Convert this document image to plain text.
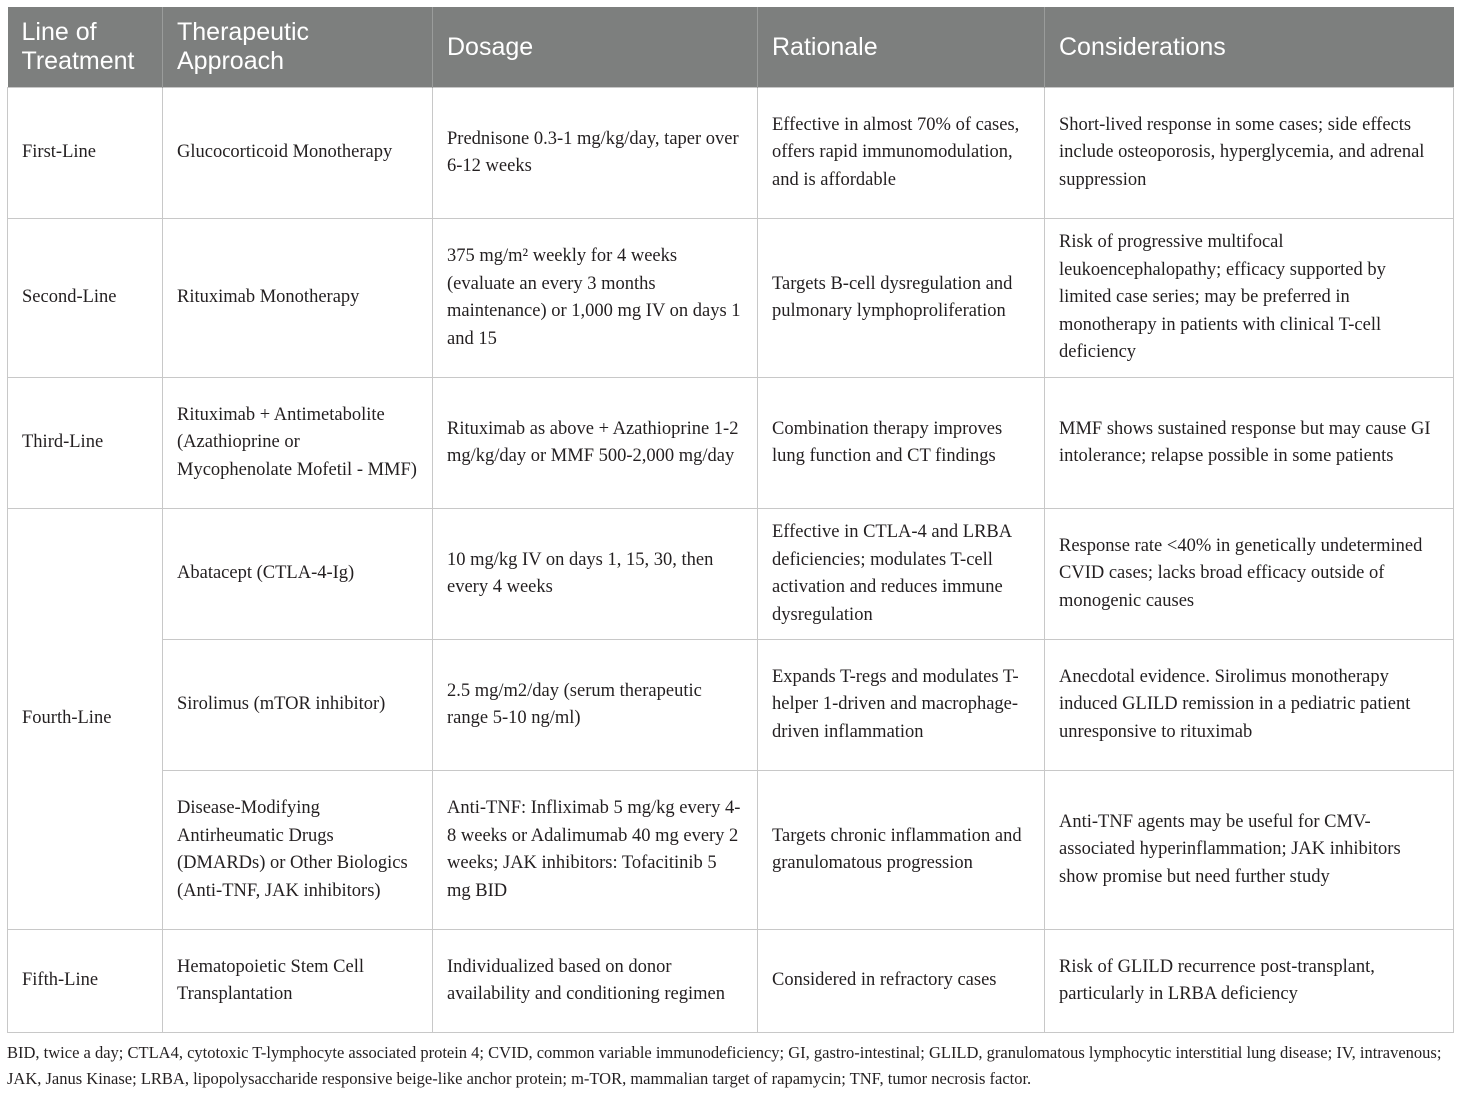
Line of Treatment	Therapeutic Approach	Dosage	Rationale	Considerations
First-Line	Glucocorticoid Monotherapy	Prednisone 0.3-1 mg/kg/day, taper over 6-12 weeks	Effective in almost 70% of cases, offers rapid immunomodulation, and is affordable	Short-lived response in some cases; side effects include osteoporosis, hyperglycemia, and adrenal suppression
Second-Line	Rituximab Monotherapy	375 mg/m² weekly for 4 weeks (evaluate an every 3 months maintenance) or 1,000 mg IV on days 1 and 15	Targets B-cell dysregulation and pulmonary lymphoproliferation	Risk of progressive multifocal leukoencephalopathy; efficacy supported by limited case series; may be preferred in monotherapy in patients with clinical T-cell deficiency
Third-Line	Rituximab + Antimetabolite (Azathioprine or Mycophenolate Mofetil - MMF)	Rituximab as above + Azathioprine 1-2 mg/kg/day or MMF 500-2,000 mg/day	Combination therapy improves lung function and CT findings	MMF shows sustained response but may cause GI intolerance; relapse possible in some patients
Fourth-Line	Abatacept (CTLA-4-Ig)	10 mg/kg IV on days 1, 15, 30, then every 4 weeks	Effective in CTLA-4 and LRBA deficiencies; modulates T-cell activation and reduces immune dysregulation	Response rate <40% in genetically undetermined CVID cases; lacks broad efficacy outside of monogenic causes
	Sirolimus (mTOR inhibitor)	2.5 mg/m2/day (serum therapeutic range 5-10 ng/ml)	Expands T-regs and modulates T-helper 1-driven and macrophage-driven inflammation	Anecdotal evidence. Sirolimus monotherapy induced GLILD remission in a pediatric patient unresponsive to rituximab
	Disease-Modifying Antirheumatic Drugs (DMARDs) or Other Biologics (Anti-TNF, JAK inhibitors)	Anti-TNF: Infliximab 5 mg/kg every 4-8 weeks or Adalimumab 40 mg every 2 weeks; JAK inhibitors: Tofacitinib 5 mg BID	Targets chronic inflammation and granulomatous progression	Anti-TNF agents may be useful for CMV-associated hyperinflammation; JAK inhibitors show promise but need further study
Fifth-Line	Hematopoietic Stem Cell Transplantation	Individualized based on donor availability and conditioning regimen	Considered in refractory cases	Risk of GLILD recurrence post-transplant, particularly in LRBA deficiency
BID, twice a day; CTLA4, cytotoxic T-lymphocyte associated protein 4; CVID, common variable immunodeficiency; GI, gastro-intestinal; GLILD, granulomatous lymphocytic interstitial lung disease; IV, intravenous; JAK, Janus Kinase; LRBA, lipopolysaccharide responsive beige-like anchor protein; m-TOR, mammalian target of rapamycin; TNF, tumor necrosis factor.
